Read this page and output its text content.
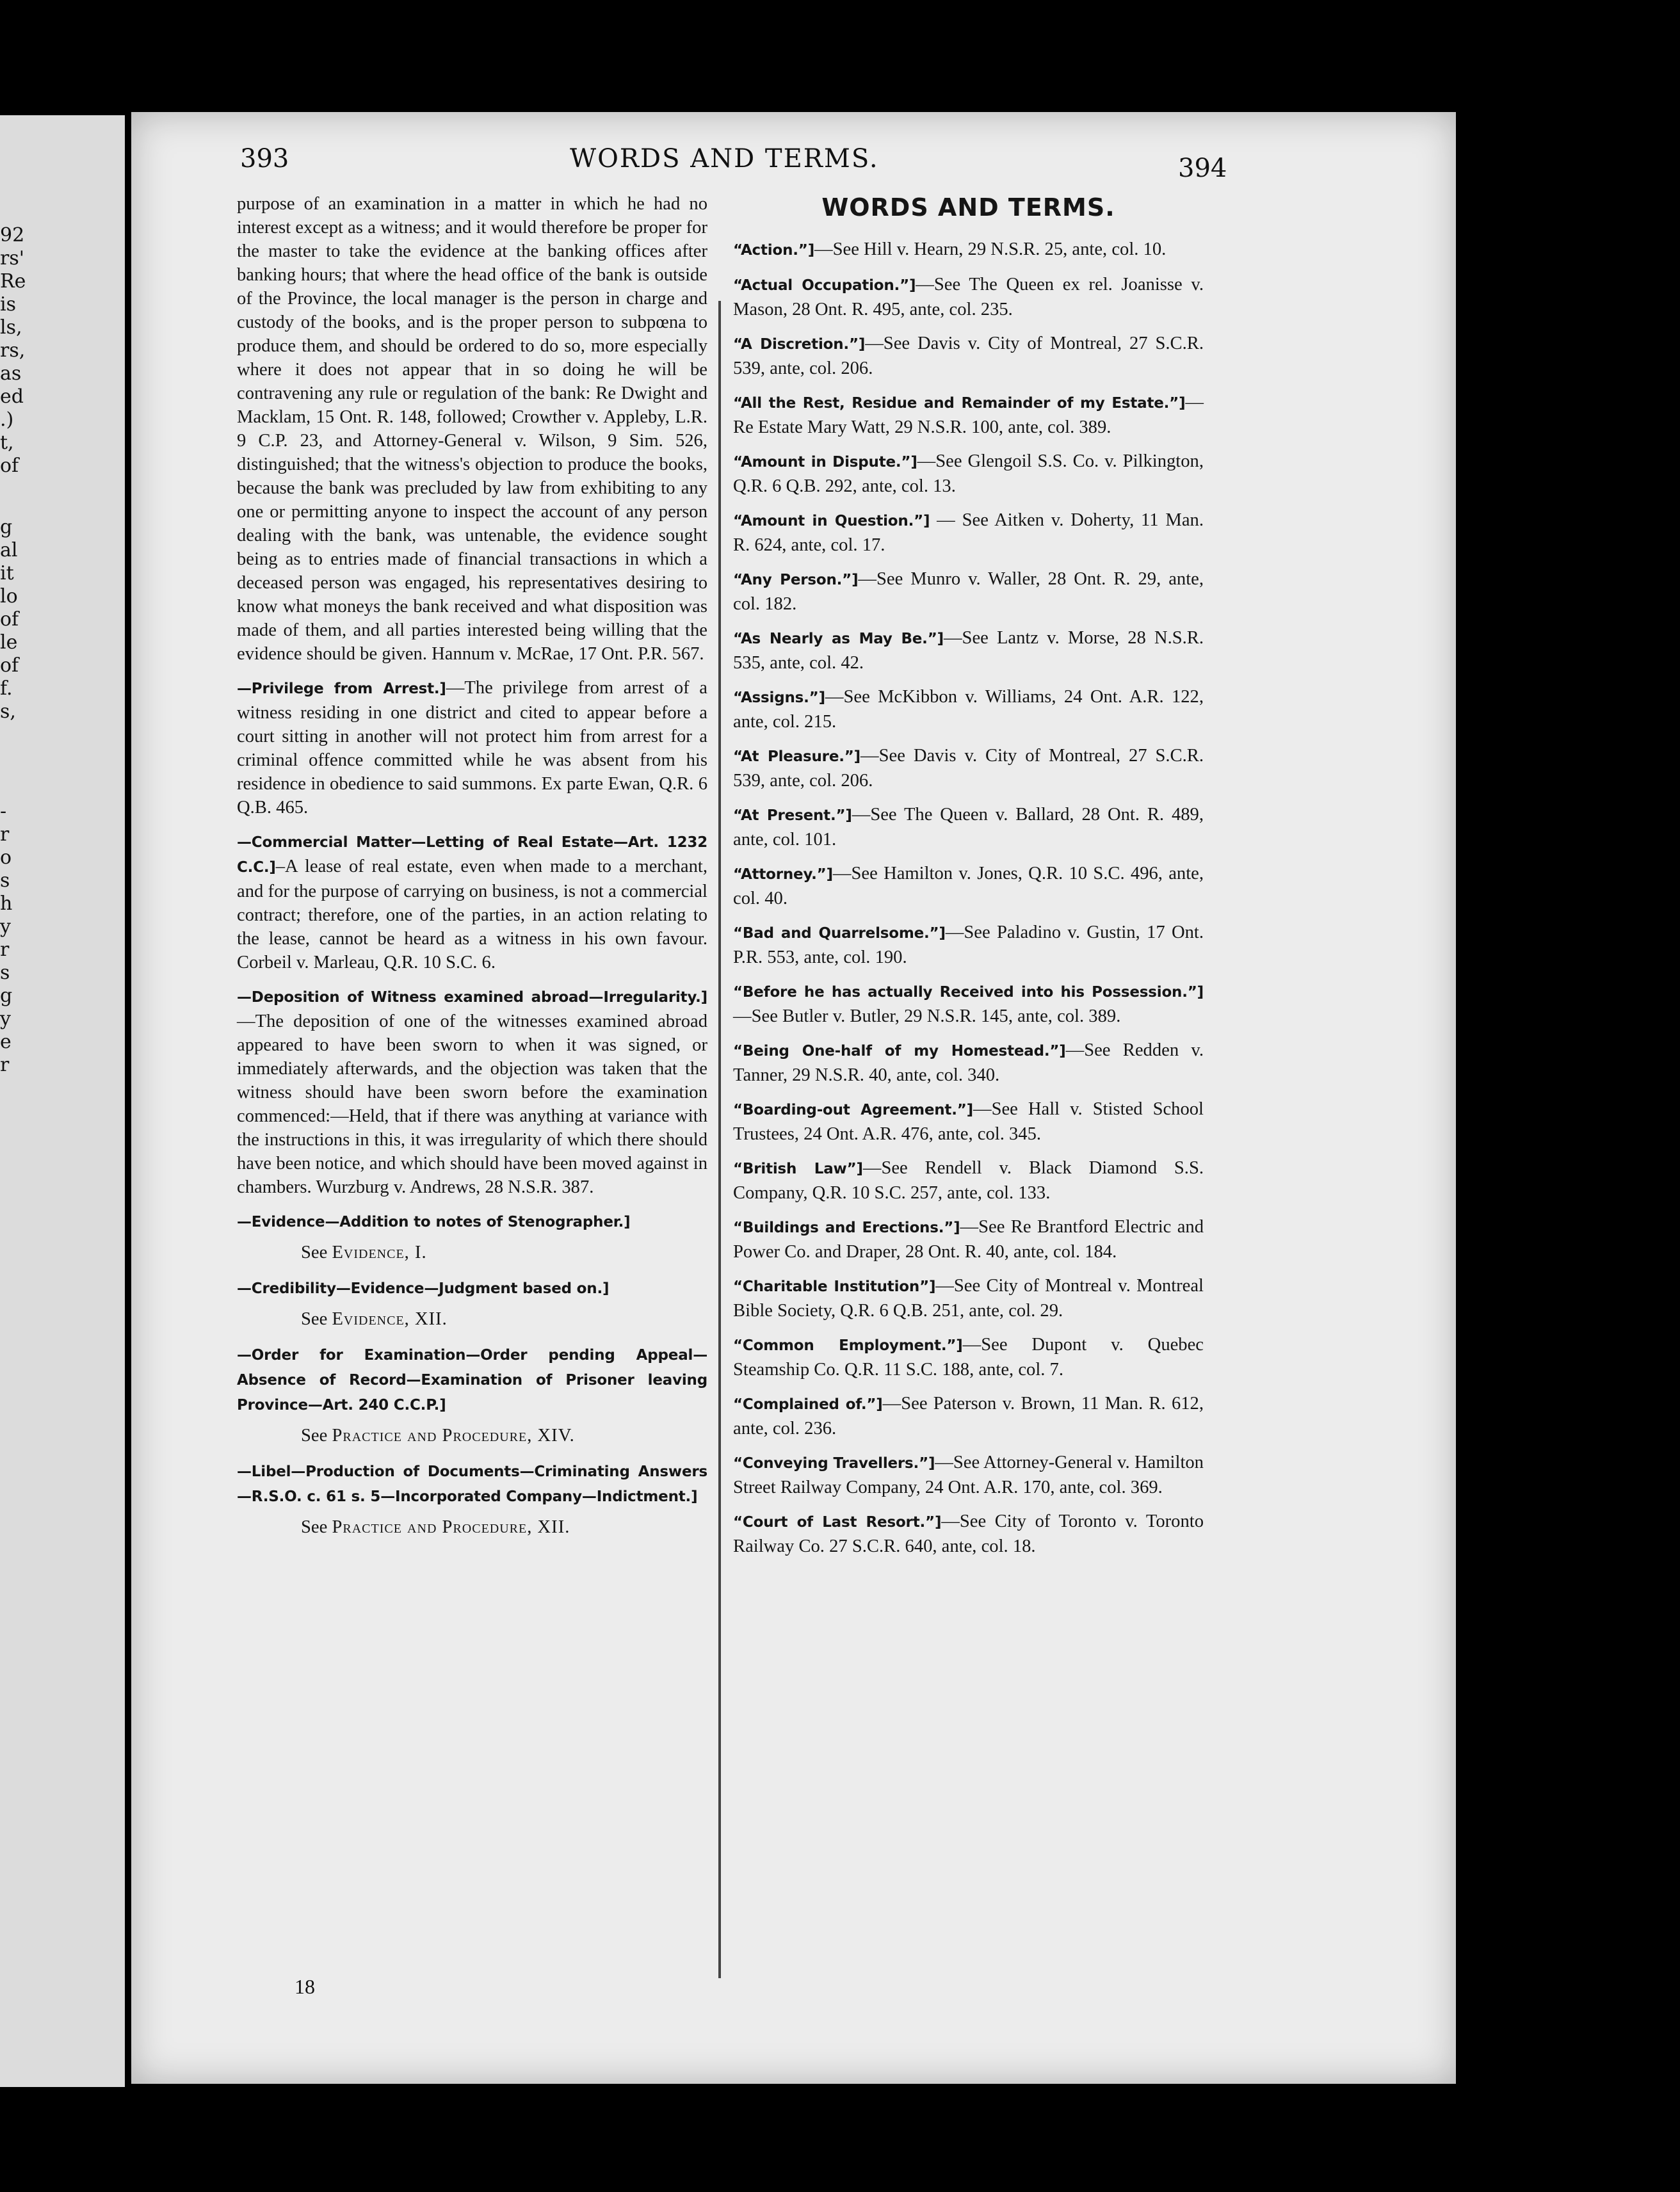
92
rs'
Re
is
ls,
rs,
as
ed
.)
t,
of
g
al
it
lo
of
le
of
f.
s,
-
r
o
s
h
y
r
s
g
y
e
r
393	WORDS AND TERMS.	394

purpose of an examination in a matter in which he had no interest except as a witness; and it would therefore be proper for the master to take the evidence at the banking offices after banking hours; that where the head office of the bank is outside of the Province, the local manager is the person in charge and custody of the books, and is the proper person to subpœna to produce them, and should be ordered to do so, more especially where it does not appear that in so doing he will be contravening any rule or regulation of the bank: Re Dwight and Macklam, 15 Ont. R. 148, followed; Crowther v. Appleby, L.R. 9 C.P. 23, and Attorney-General v. Wilson, 9 Sim. 526, distinguished; that the witness's objection to produce the books, because the bank was precluded by law from exhibiting to any one or permitting anyone to inspect the account of any person dealing with the bank, was untenable, the evidence sought being as to entries made of financial transactions in which a deceased person was engaged, his representatives desiring to know what moneys the bank received and what disposition was made of them, and all parties interested being willing that the evidence should be given. Hannum v. McRae, 17 Ont. P.R. 567.

—Privilege from Arrest.]—The privilege from arrest of a witness residing in one district and cited to appear before a court sitting in another will not protect him from arrest for a criminal offence committed while he was absent from his residence in obedience to said summons. Ex parte Ewan, Q.R. 6 Q.B. 465.

—Commercial Matter—Letting of Real Estate—Art. 1232 C.C.]–A lease of real estate, even when made to a merchant, and for the purpose of carrying on business, is not a commercial contract; therefore, one of the parties, in an action relating to the lease, cannot be heard as a witness in his own favour. Corbeil v. Marleau, Q.R. 10 S.C. 6.

—Deposition of Witness examined abroad—Irregularity.]—The deposition of one of the witnesses examined abroad appeared to have been sworn to when it was signed, or immediately afterwards, and the objection was taken that the witness should have been sworn before the examination commenced:—Held, that if there was anything at variance with the instructions in this, it was irregularity of which there should have been notice, and which should have been moved against in chambers. Wurzburg v. Andrews, 28 N.S.R. 387.

—Evidence—Addition to notes of Stenographer.]

See Evidence, I.

—Credibility—Evidence—Judgment based on.]

See Evidence, XII.

—Order for Examination—Order pending Appeal—Absence of Record—Examination of Prisoner leaving Province—Art. 240 C.C.P.]

See Practice and Procedure, XIV.

—Libel—Production of Documents—Criminating Answers—R.S.O. c. 61 s. 5—Incorporated Company—Indictment.]

See Practice and Procedure, XII.

WORDS AND TERMS.

“Action.”]—See Hill v. Hearn, 29 N.S.R. 25, ante, col. 10.

“Actual Occupation.”]—See The Queen ex rel. Joanisse v. Mason, 28 Ont. R. 495, ante, col. 235.

“A Discretion.”]—See Davis v. City of Montreal, 27 S.C.R. 539, ante, col. 206.

“All the Rest, Residue and Remainder of my Estate.”]—Re Estate Mary Watt, 29 N.S.R. 100, ante, col. 389.

“Amount in Dispute.”]—See Glengoil S.S. Co. v. Pilkington, Q.R. 6 Q.B. 292, ante, col. 13.

“Amount in Question.”] — See Aitken v. Doherty, 11 Man. R. 624, ante, col. 17.

“Any Person.”]—See Munro v. Waller, 28 Ont. R. 29, ante, col. 182.

“As Nearly as May Be.”]—See Lantz v. Morse, 28 N.S.R. 535, ante, col. 42.

“Assigns.”]—See McKibbon v. Williams, 24 Ont. A.R. 122, ante, col. 215.

“At Pleasure.”]—See Davis v. City of Montreal, 27 S.C.R. 539, ante, col. 206.

“At Present.”]—See The Queen v. Ballard, 28 Ont. R. 489, ante, col. 101.

“Attorney.”]—See Hamilton v. Jones, Q.R. 10 S.C. 496, ante, col. 40.

“Bad and Quarrelsome.”]—See Paladino v. Gustin, 17 Ont. P.R. 553, ante, col. 190.

“Before he has actually Received into his Possession.”]—See Butler v. Butler, 29 N.S.R. 145, ante, col. 389.

“Being One-half of my Homestead.”]—See Redden v. Tanner, 29 N.S.R. 40, ante, col. 340.

“Boarding-out Agreement.”]—See Hall v. Stisted School Trustees, 24 Ont. A.R. 476, ante, col. 345.

“British Law”]—See Rendell v. Black Diamond S.S. Company, Q.R. 10 S.C. 257, ante, col. 133.

“Buildings and Erections.”]—See Re Brantford Electric and Power Co. and Draper, 28 Ont. R. 40, ante, col. 184.

“Charitable Institution”]—See City of Montreal v. Montreal Bible Society, Q.R. 6 Q.B. 251, ante, col. 29.

“Common Employment.”]—See Dupont v. Quebec Steamship Co. Q.R. 11 S.C. 188, ante, col. 7.

“Complained of.”]—See Paterson v. Brown, 11 Man. R. 612, ante, col. 236.

“Conveying Travellers.”]—See Attorney-General v. Hamilton Street Railway Company, 24 Ont. A.R. 170, ante, col. 369.

“Court of Last Resort.”]—See City of Toronto v. Toronto Railway Co. 27 S.C.R. 640, ante, col. 18.

18
